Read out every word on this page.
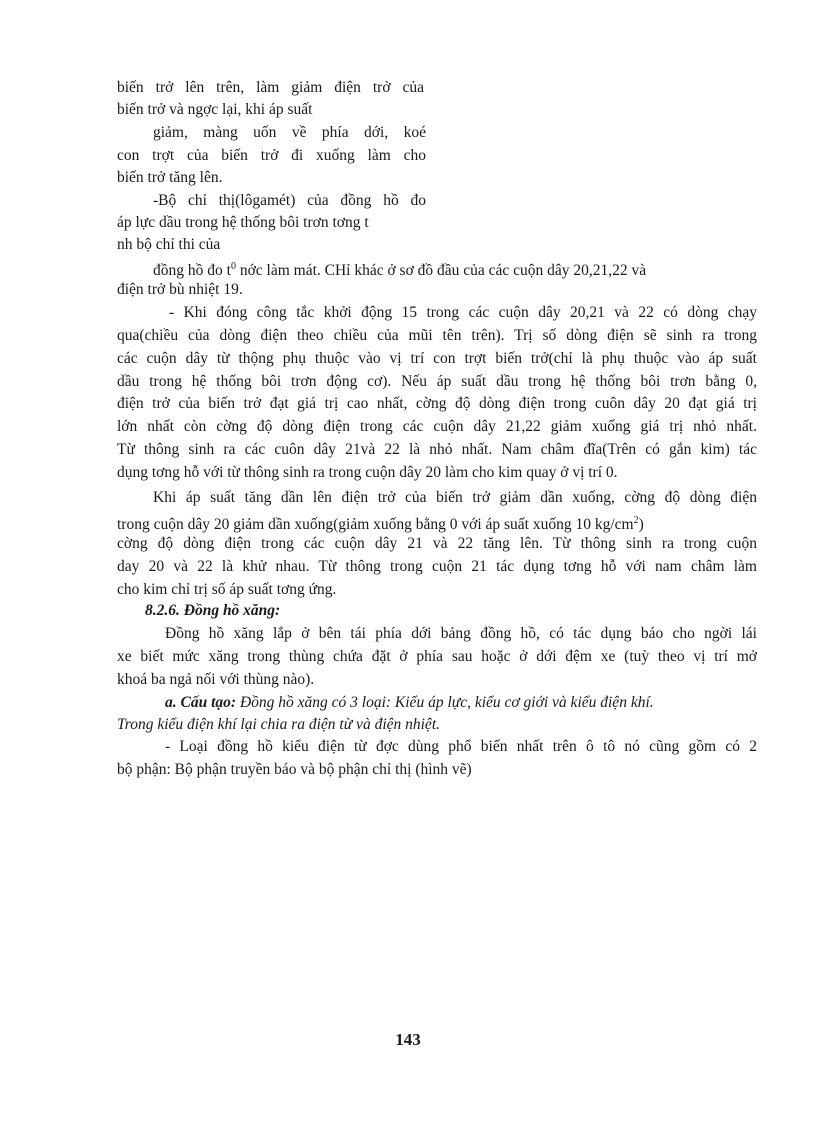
biến trở lên trên, làm giảm điện trở của
biến trở và ngợc lại, khi áp suất
giảm, màng uốn về phía dới, koé
con trợt của biến trở đi xuống làm cho
biến trở tăng lên.
-Bộ chỉ thị(lôgamét) của đồng hồ đo
áp lực dầu trong hệ thống bôi trơn tơng t
nh bộ chỉ thi của
đồng hồ đo $t^0$ nớc làm mát. CHỉ khác ở sơ đồ đầu của các cuộn dây 20,21,22 và
điện trở bù nhiệt 19.
- Khi đóng công tắc khởi động 15 trong các cuộn dây 20,21 và 22 có dòng chạy
qua(chiều của dòng điện theo chiều của mũi tên trên). Trị số dòng điện sẽ sinh ra trong
các cuộn dây từ thộng phụ thuộc vào vị trí con trợt biến trở(chỉ là phụ thuộc vào áp suất
dầu trong hệ thống bôi trơn động cơ). Nếu áp suất dầu trong hệ thống bôi trơn bằng 0,
điện trở của biến trở đạt giá trị cao nhất, cờng độ dòng điện trong cuôn dây 20 đạt giá trị
lớn nhất còn cờng độ dòng điện trong các cuộn dây 21,22 giảm xuống giá trị nhỏ nhất.
Từ thông sinh ra các cuôn dây 21và 22 là nhỏ nhất. Nam châm đĩa(Trên có gắn kim) tác
dụng tơng hỗ với từ thông sinh ra trong cuộn dây 20 làm cho kim quay ở vị trí 0.
Khi áp suất tăng dần lên điện trở của biến trở giảm dần xuống, cờng độ dòng điện
trong cuộn dây 20 giảm dần xuống(giảm xuống bằng 0 với áp suất xuống 10 $kg/cm^2$)
cờng độ dòng điện trong các cuộn dây 21 và 22 tăng lên. Từ thông sinh ra trong cuộn
day 20 và 22 là khử nhau. Từ thông trong cuộn 21 tác dụng tơng hỗ với nam châm làm
cho kim chỉ trị số áp suất tơng ứng.
8.2.6. Đồng hồ xăng:
Đồng hồ xăng lắp ở bên tái phía dới bảng đồng hồ, có tác dụng báo cho ngời lái
xe biết mức xăng trong thùng chứa đặt ở phía sau hoặc ở dới đệm xe (tuỳ theo vị trí mở
khoá ba ngả nối với thùng nào).
a. Cấu tạo: Đồng hồ xăng có 3 loại: Kiểu áp lực, kiểu cơ giới và kiểu điện khí.
Trong kiểu điện khí lại chia ra điện từ và điện nhiệt.
- Loại đồng hồ kiểu điện từ đợc dùng phổ biến nhất trên ô tô nó cũng gồm có 2
bộ phận: Bộ phận truyền báo và bộ phận chỉ thị (hình vẽ)
143
